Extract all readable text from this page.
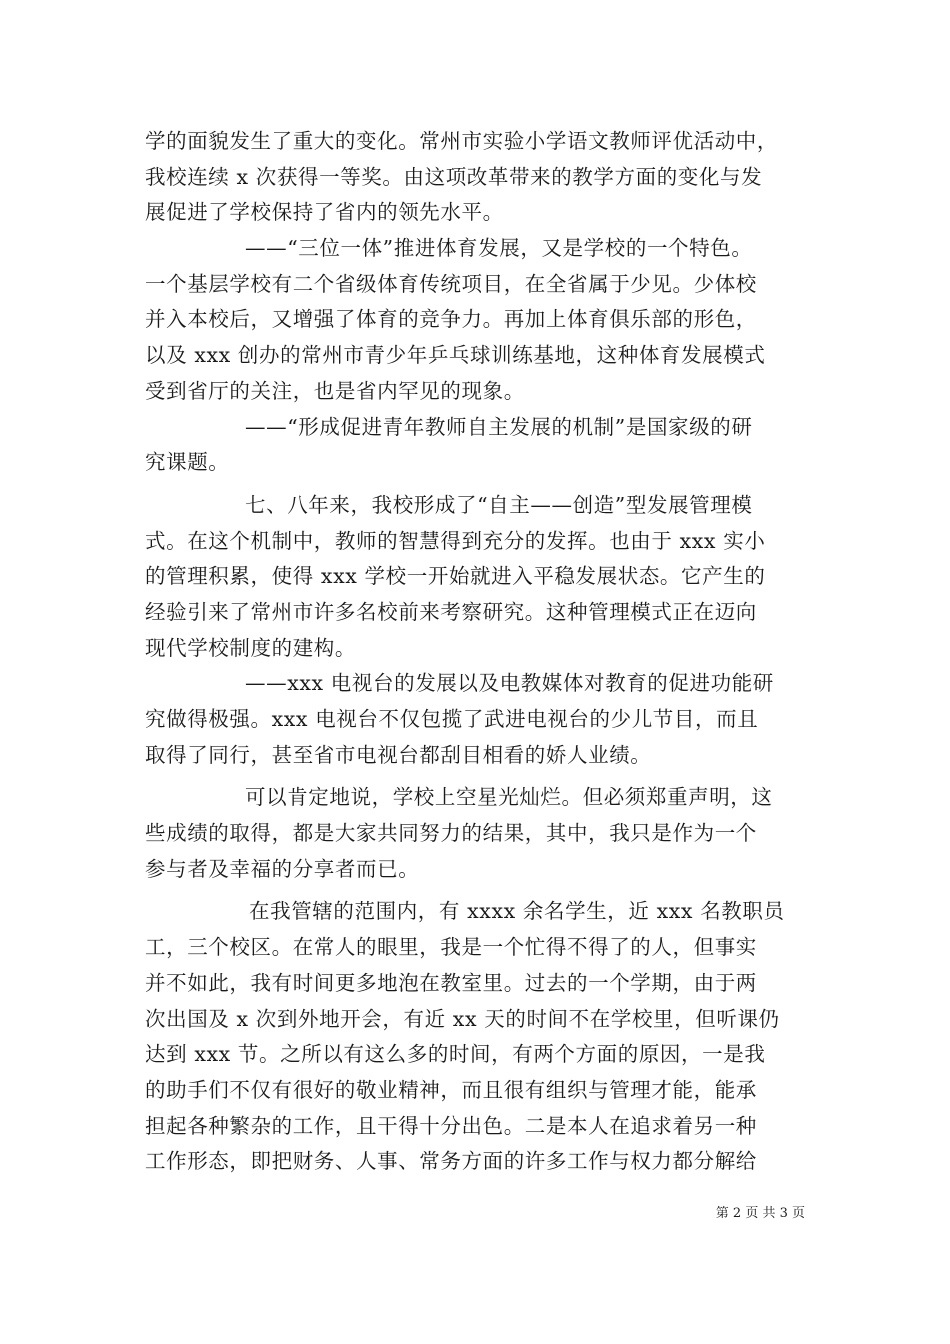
学的面貌发生了重大的变化。常州市实验小学语文教师评优活动中，
我校连续 x 次获得一等奖。由这项改革带来的教学方面的变化与发
展促进了学校保持了省内的领先水平。
——“三位一体”推进体育发展，又是学校的一个特色。
一个基层学校有二个省级体育传统项目，在全省属于少见。少体校
并入本校后，又增强了体育的竞争力。再加上体育俱乐部的形色，
以及 xxx 创办的常州市青少年乒乓球训练基地，这种体育发展模式
受到省厅的关注，也是省内罕见的现象。
——“形成促进青年教师自主发展的机制”是国家级的研
究课题。
七、八年来，我校形成了“自主——创造”型发展管理模
式。在这个机制中，教师的智慧得到充分的发挥。也由于 xxx 实小
的管理积累，使得 xxx 学校一开始就进入平稳发展状态。它产生的
经验引来了常州市许多名校前来考察研究。这种管理模式正在迈向
现代学校制度的建构。
——xxx 电视台的发展以及电教媒体对教育的促进功能研
究做得极强。xxx 电视台不仅包揽了武进电视台的少儿节目，而且
取得了同行，甚至省市电视台都刮目相看的娇人业绩。
可以肯定地说，学校上空星光灿烂。但必须郑重声明，这
些成绩的取得，都是大家共同努力的结果，其中，我只是作为一个
参与者及幸福的分享者而已。
在我管辖的范围内，有 xxxx 余名学生，近 xxx 名教职员
工，三个校区。在常人的眼里，我是一个忙得不得了的人，但事实
并不如此，我有时间更多地泡在教室里。过去的一个学期，由于两
次出国及 x 次到外地开会，有近 xx 天的时间不在学校里，但听课仍
达到 xxx 节。之所以有这么多的时间，有两个方面的原因，一是我
的助手们不仅有很好的敬业精神，而且很有组织与管理才能，能承
担起各种繁杂的工作，且干得十分出色。二是本人在追求着另一种
工作形态，即把财务、人事、常务方面的许多工作与权力都分解给
第 2 页 共 3 页
